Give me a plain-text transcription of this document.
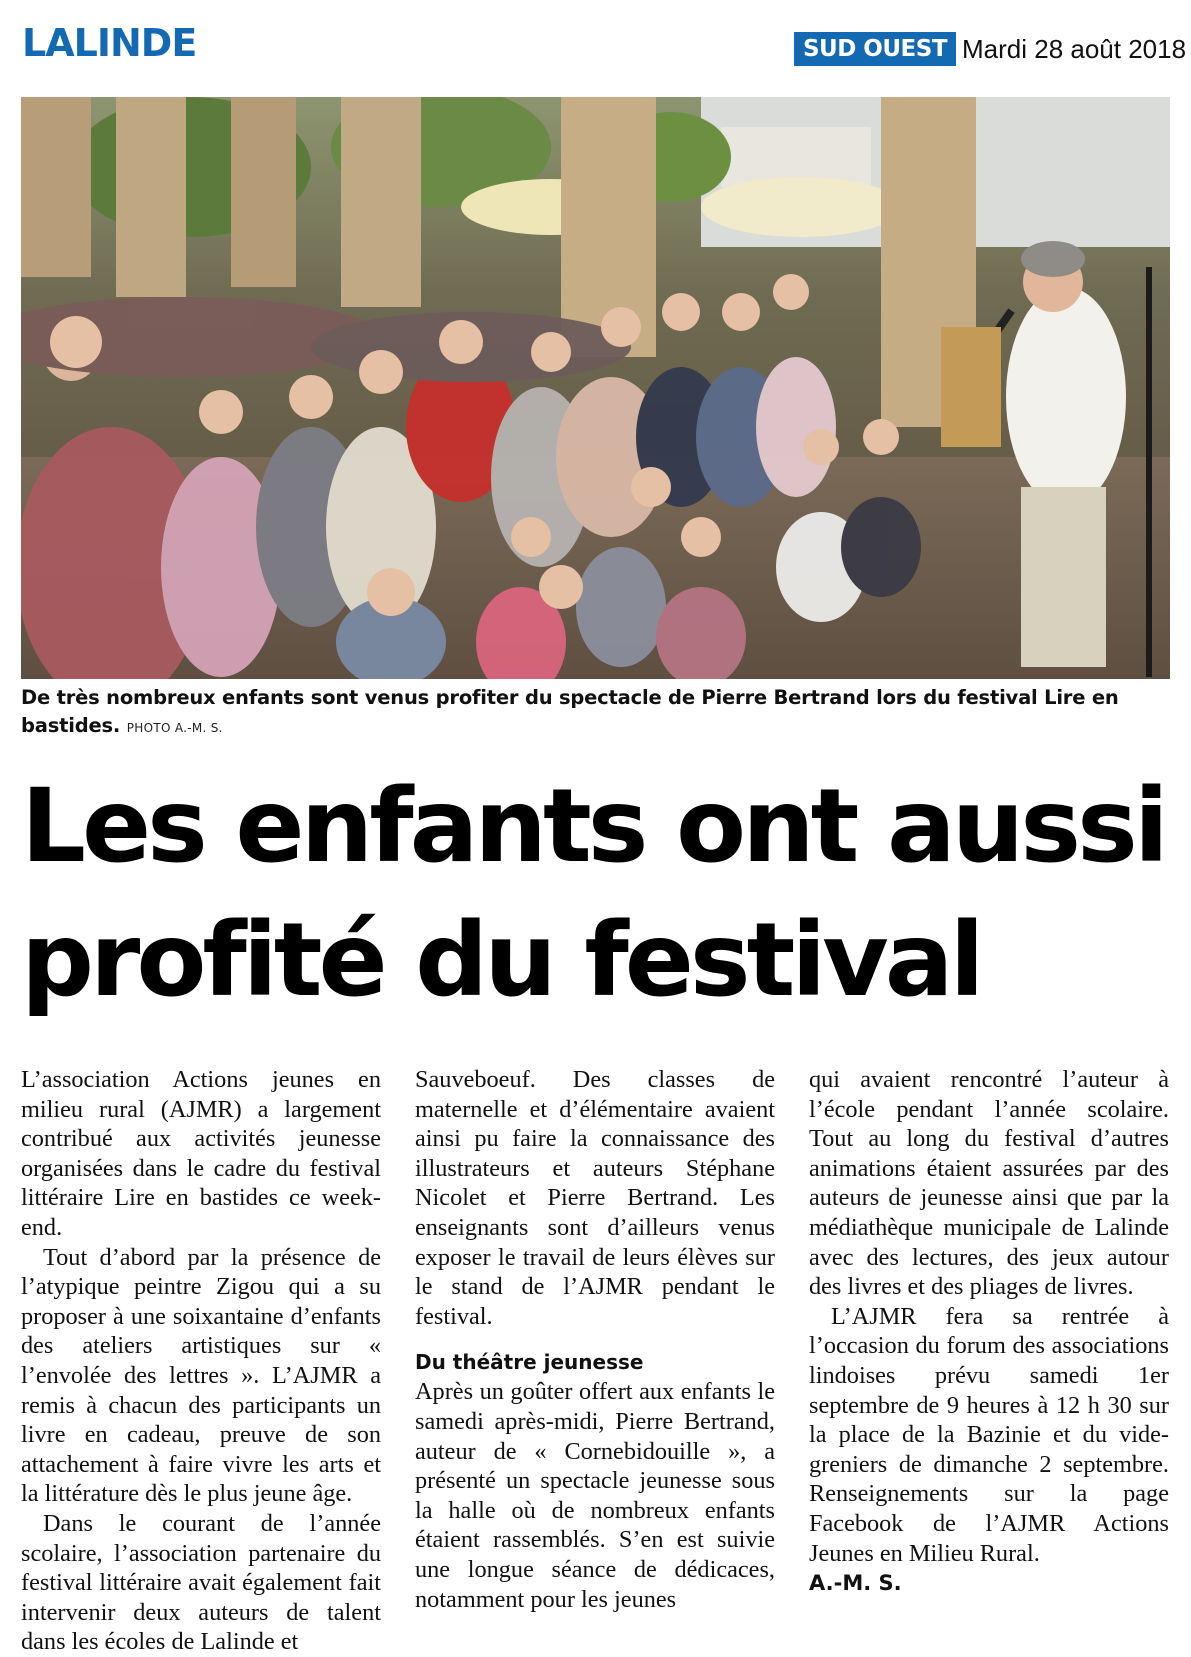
LALINDE	SUD OUEST Mardi 28 août 2018
De très nombreux enfants sont venus profiter du spectacle de Pierre Bertrand lors du festival Lire en bastides. PHOTO A.-M. S.
Les enfants ont aussi
profité du festival

L’association Actions jeunes en milieu rural (AJMR) a largement contribué aux activités jeunesse organisées dans le cadre du festival littéraire Lire en bastides ce week-end.

Tout d’abord par la présence de l’atypique peintre Zigou qui a su proposer à une soixantaine d’enfants des ateliers artistiques sur « l’envolée des lettres ». L’AJMR a remis à chacun des participants un livre en cadeau, preuve de son attachement à faire vivre les arts et la littérature dès le plus jeune âge.

Dans le courant de l’année scolaire, l’association partenaire du festival littéraire avait également fait intervenir deux auteurs de talent dans les écoles de Lalinde et

Sauveboeuf. Des classes de maternelle et d’élémentaire avaient ainsi pu faire la connaissance des illustrateurs et auteurs Stéphane Nicolet et Pierre Bertrand. Les enseignants sont d’ailleurs venus exposer le travail de leurs élèves sur le stand de l’AJMR pendant le festival.

Du théâtre jeunesse

Après un goûter offert aux enfants le samedi après-midi, Pierre Bertrand, auteur de « Cornebidouille », a présenté un spectacle jeunesse sous la halle où de nombreux enfants étaient rassemblés. S’en est suivie une longue séance de dédicaces, notamment pour les jeunes

qui avaient rencontré l’auteur à l’école pendant l’année scolaire. Tout au long du festival d’autres animations étaient assurées par des auteurs de jeunesse ainsi que par la médiathèque municipale de Lalinde avec des lectures, des jeux autour des livres et des pliages de livres.

L’AJMR fera sa rentrée à l’occasion du forum des associations lindoises prévu samedi 1er septembre de 9 heures à 12 h 30 sur la place de la Bazinie et du vide-greniers de dimanche 2 septembre. Renseignements sur la page Facebook de l’AJMR Actions Jeunes en Milieu Rural.

A.-M. S.
